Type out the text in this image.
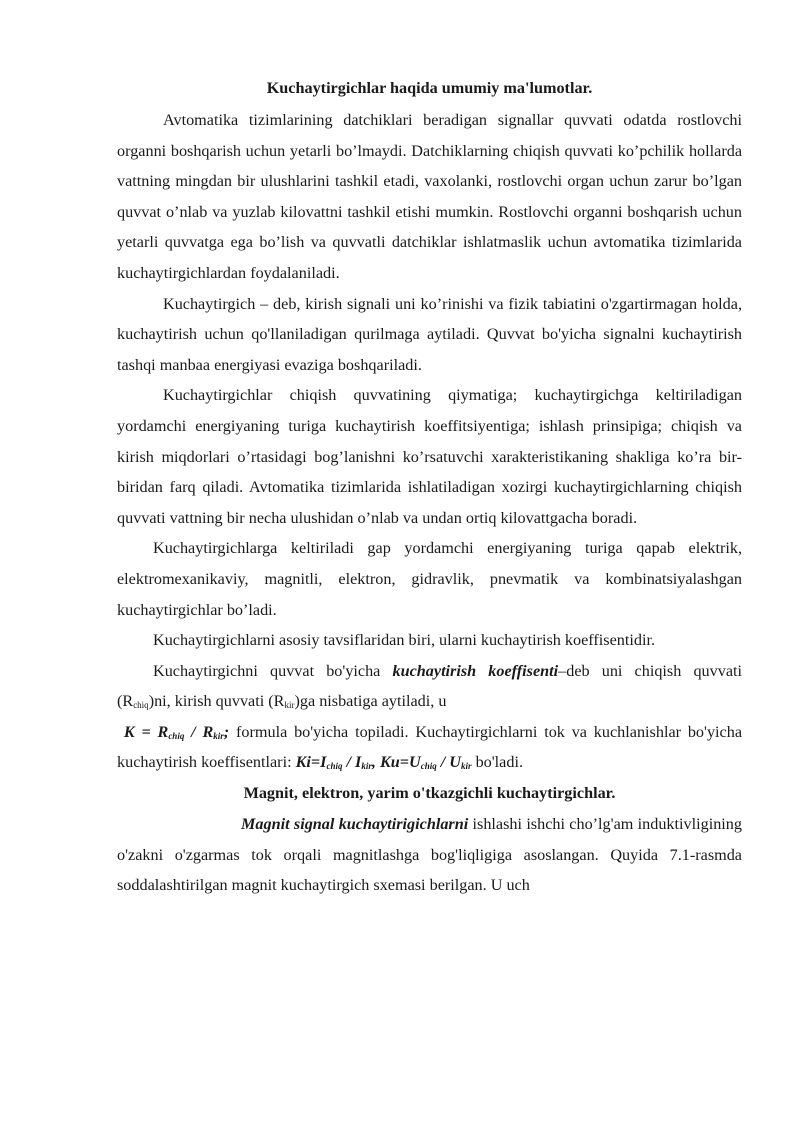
Kuchaytirgichlar haqida umumiy ma'lumotlar.

Avtomatika tizimlarining datchiklari beradigan signallar quvvati odatda rostlovchi organni boshqarish uchun yetarli bo’lmaydi. Datchiklarning chiqish quvvati ko’pchilik hollarda vattning mingdan bir ulushlarini tashkil etadi, vaxolanki, rostlovchi organ uchun zarur bo’lgan quvvat o’nlab va yuzlab kilovattni tashkil etishi mumkin. Rostlovchi organni boshqarish uchun yetarli quvvatga ega bo’lish va quvvatli datchiklar ishlatmaslik uchun avtomatika tizimlarida kuchaytirgichlardan foydalaniladi.

Kuchaytirgich – deb, kirish signali uni ko’rinishi va fizik tabiatini o'zgartirmagan holda, kuchaytirish uchun qo'llaniladigan qurilmaga aytiladi. Quvvat bo'yicha signalni kuchaytirish tashqi manbaa energiyasi evaziga boshqariladi.

Kuchaytirgichlar chiqish quvvatining qiymatiga; kuchaytirgichga keltiriladigan yordamchi energiyaning turiga kuchaytirish koeffitsiyentiga; ishlash prinsipiga; chiqish va kirish miqdorlari o’rtasidagi bog’lanishni ko’rsatuvchi xarakteristikaning shakliga ko’ra bir-biridan farq qiladi. Avtomatika tizimlarida ishlatiladigan xozirgi kuchaytirgichlarning chiqish quvvati vattning bir necha ulushidan o’nlab va undan ortiq kilovattgacha boradi.

Kuchaytirgichlarga keltiriladi gap yordamchi energiyaning turiga qapab elektrik, elektromexanikaviy, magnitli, elektron, gidravlik, pnevmatik va kombinatsiyalashgan kuchaytirgichlar bo’ladi.

Kuchaytirgichlarni asosiy tavsiflaridan biri, ularni kuchaytirish koeffisentidir.

Kuchaytirgichni quvvat bo'yicha kuchaytirish koeffisenti–deb uni chiqish quvvati $(R_{chiq})ni$, kirish quvvati $(R_{kir})ga$ nisbatiga aytiladi, u

$K = R_{chiq} / R_{kir}$; formula bo'yicha topiladi. Kuchaytirgichlarni tok va kuchlanishlar bo'yicha kuchaytirish koeffisentlari: $Ki=I_{chiq} / I_{kir}$, $Ku=U_{chiq} / U_{kir}$ bo'ladi.

Magnit, elektron, yarim o'tkazgichli kuchaytirgichlar.

Magnit signal kuchaytirigichlarni ishlashi ishchi cho’lg'am induktivligining o'zakni o'zgarmas tok orqali magnitlashga bog'liqligiga asoslangan. Quyida 7.1-rasmda soddalashtirilgan magnit kuchaytirgich sxemasi berilgan. U uch
